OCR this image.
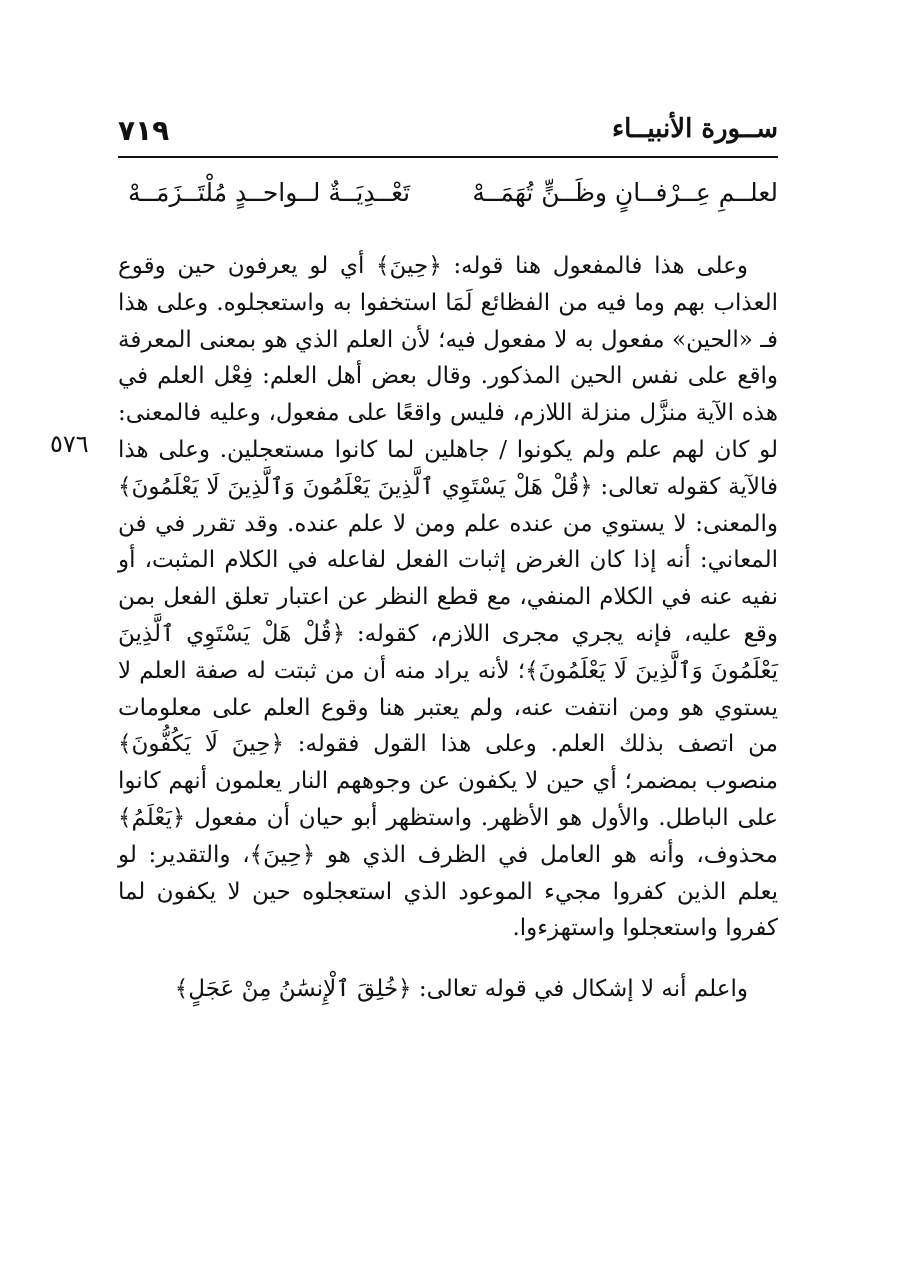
٧١٩	ســورة الأنبيــاء
لعلــمِ عِــرْفــانٍ وظَــنٍّ تُهَمَــهْ
تَعْــدِيَــةٌ لــواحــدٍ مُلْتَــزَمَــهْ
٥٧٦

وعلى هذا فالمفعول هنا قوله: ﴿حِينَ﴾ أي لو يعرفون حين وقوع العذاب بهم وما فيه من الفظائع لَمَا استخفوا به واستعجلوه. وعلى هذا فـ «الحين» مفعول به لا مفعول فيه؛ لأن العلم الذي هو بمعنى المعرفة واقع على نفس الحين المذكور. وقال بعض أهل العلم: فِعْل العلم في هذه الآية منزَّل منزلة اللازم، فليس واقعًا على مفعول، وعليه فالمعنى: لو كان لهم علم ولم يكونوا / جاهلين لما كانوا مستعجلين. وعلى هذا فالآية كقوله تعالى: ﴿قُلْ هَلْ يَسْتَوِي ٱلَّذِينَ يَعْلَمُونَ وَٱلَّذِينَ لَا يَعْلَمُونَ﴾ والمعنى: لا يستوي من عنده علم ومن لا علم عنده. وقد تقرر في فن المعاني: أنه إذا كان الغرض إثبات الفعل لفاعله في الكلام المثبت، أو نفيه عنه في الكلام المنفي، مع قطع النظر عن اعتبار تعلق الفعل بمن وقع عليه، فإنه يجري مجرى اللازم، كقوله: ﴿قُلْ هَلْ يَسْتَوِي ٱلَّذِينَ يَعْلَمُونَ وَٱلَّذِينَ لَا يَعْلَمُونَ﴾؛ لأنه يراد منه أن من ثبتت له صفة العلم لا يستوي هو ومن انتفت عنه، ولم يعتبر هنا وقوع العلم على معلومات من اتصف بذلك العلم. وعلى هذا القول فقوله: ﴿حِينَ لَا يَكُفُّونَ﴾ منصوب بمضمر؛ أي حين لا يكفون عن وجوههم النار يعلمون أنهم كانوا على الباطل. والأول هو الأظهر. واستظهر أبو حيان أن مفعول ﴿يَعْلَمُ﴾ محذوف، وأنه هو العامل في الظرف الذي هو ﴿حِينَ﴾، والتقدير: لو يعلم الذين كفروا مجيء الموعود الذي استعجلوه حين لا يكفون لما كفروا واستعجلوا واستهزءوا.

واعلم أنه لا إشكال في قوله تعالى: ﴿خُلِقَ ٱلْإِنسَٰنُ مِنْ عَجَلٍ﴾
